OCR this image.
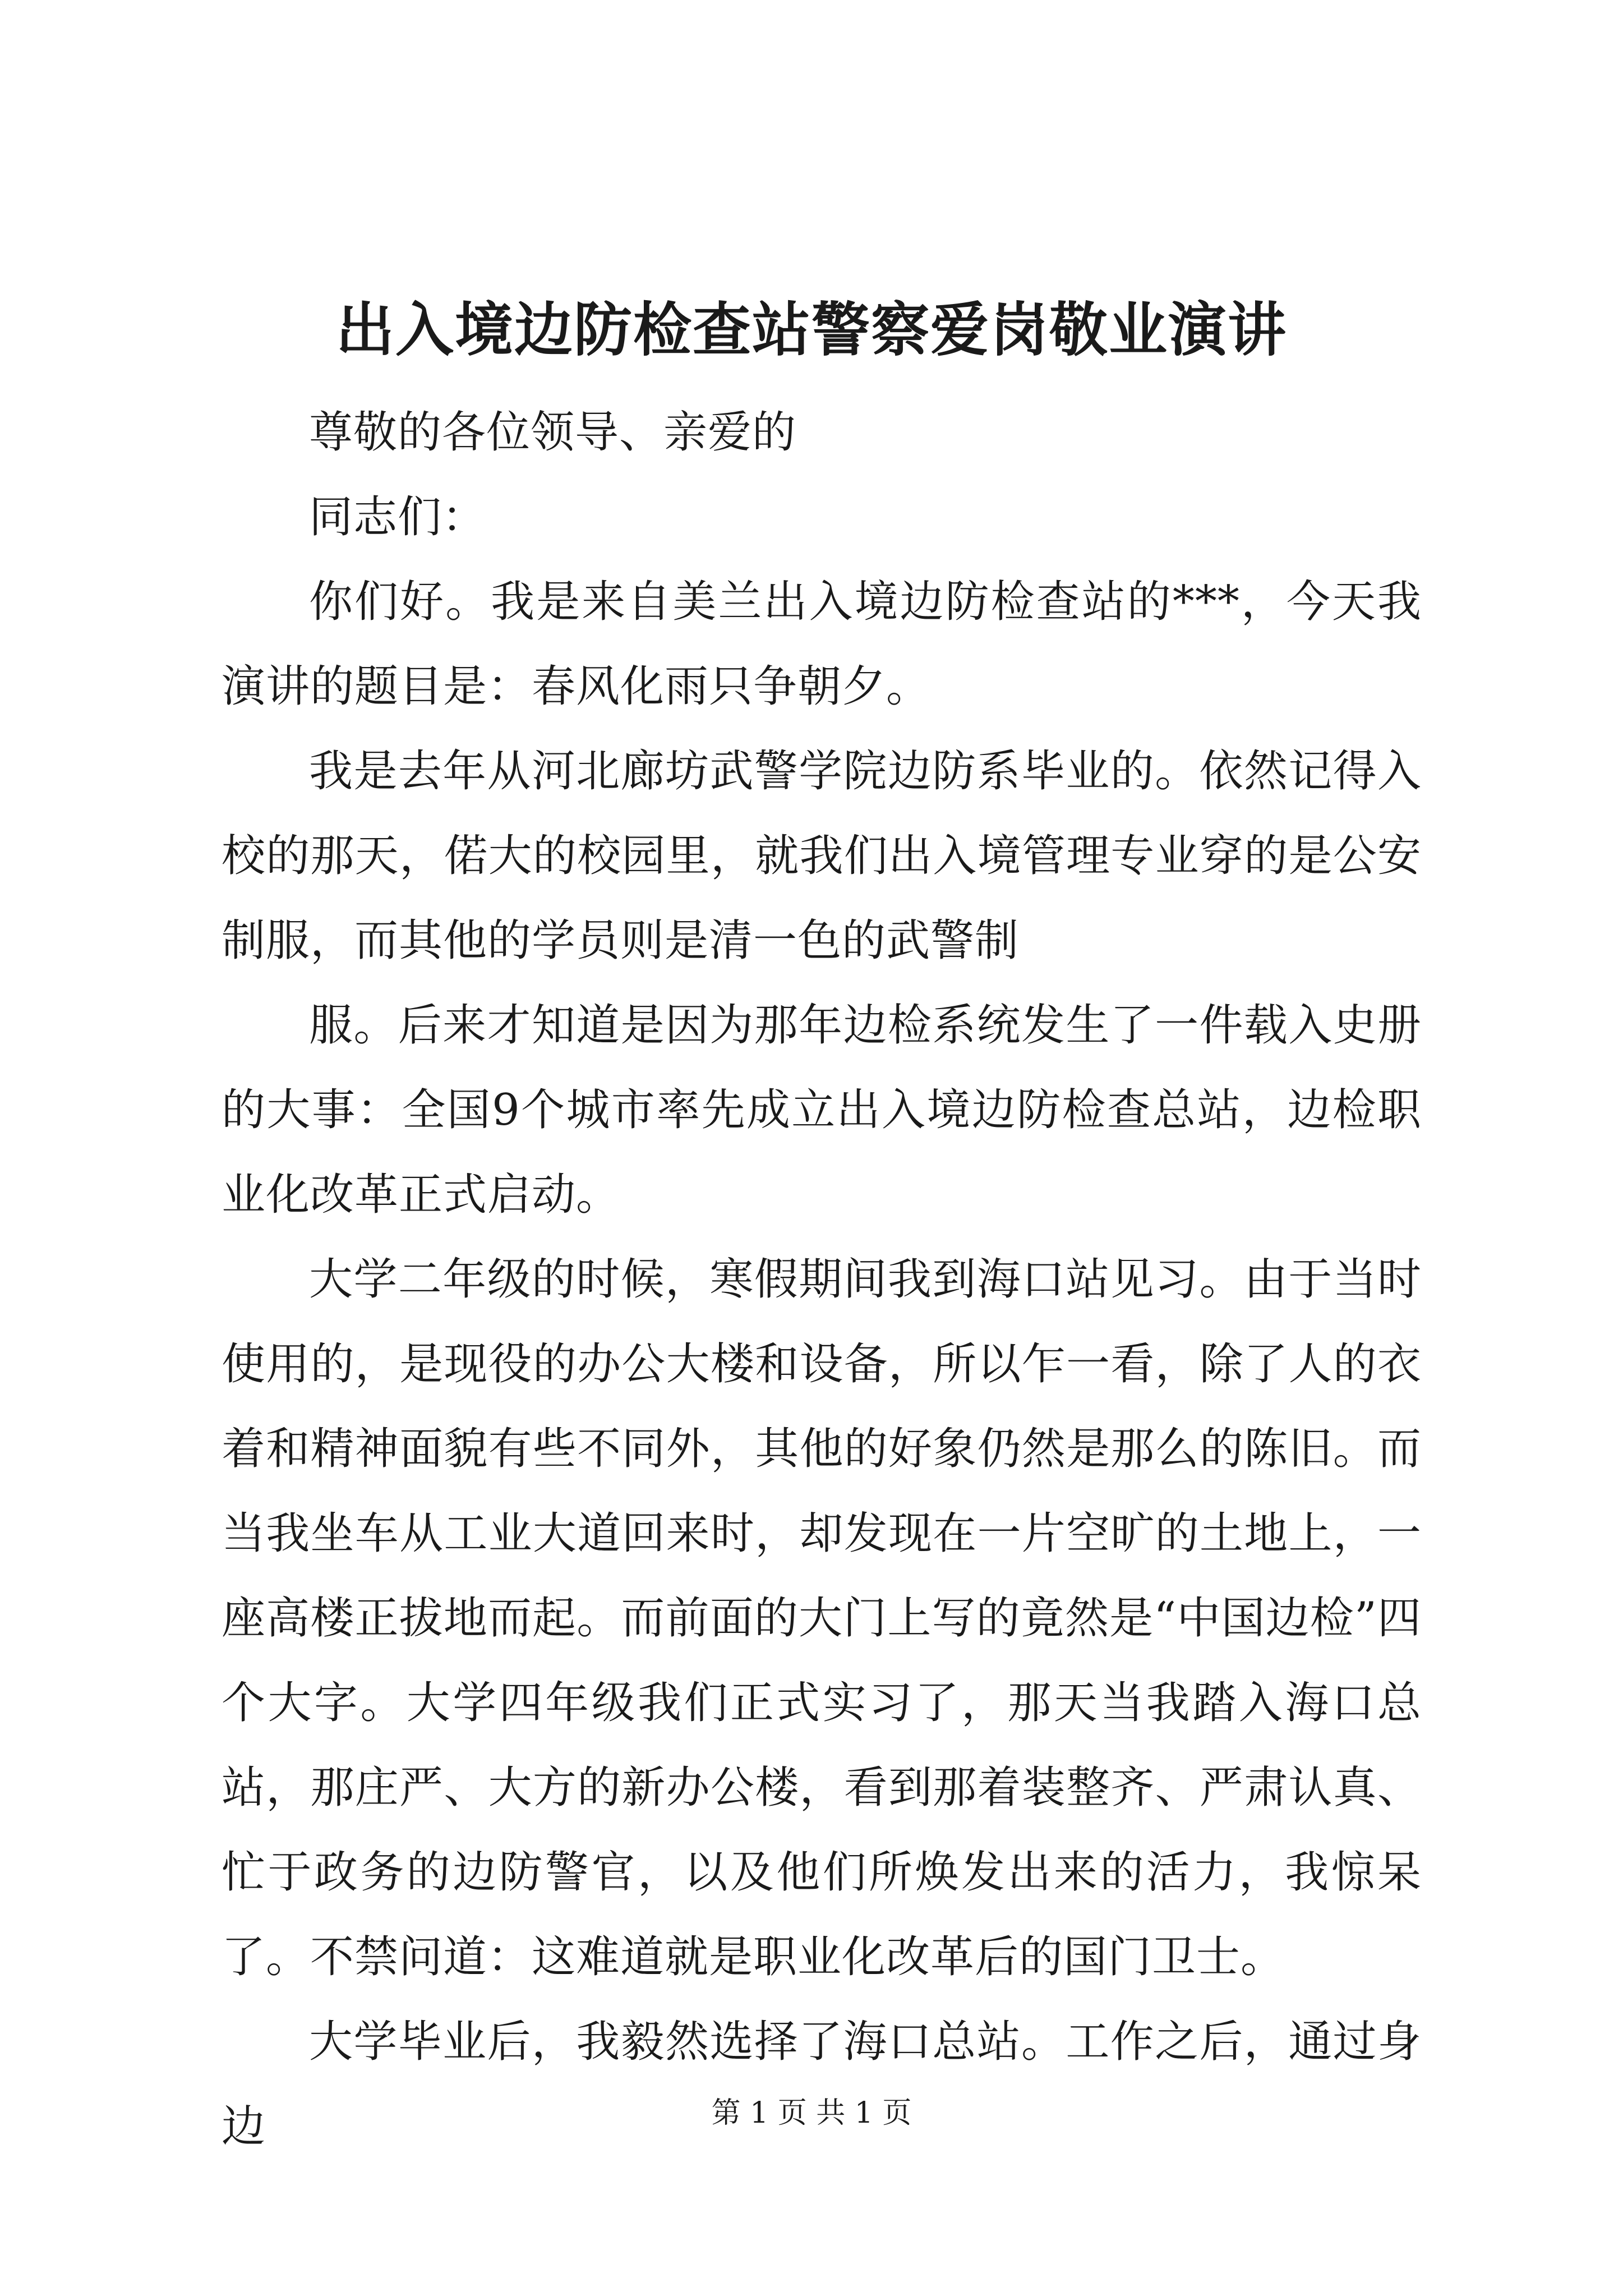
出入境边防检查站警察爱岗敬业演讲

尊敬的各位领导、亲爱的

同志们：

你们好。我是来自美兰出入境边防检查站的***，今天我演讲的题目是：春风化雨只争朝夕。

我是去年从河北廊坊武警学院边防系毕业的。依然记得入校的那天，偌大的校园里，就我们出入境管理专业穿的是公安制服，而其他的学员则是清一色的武警制

服。后来才知道是因为那年边检系统发生了一件载入史册的大事：全国9个城市率先成立出入境边防检查总站，边检职业化改革正式启动。

大学二年级的时候，寒假期间我到海口站见习。由于当时使用的，是现役的办公大楼和设备，所以乍一看，除了人的衣着和精神面貌有些不同外，其他的好象仍然是那么的陈旧。而当我坐车从工业大道回来时，却发现在一片空旷的土地上，一座高楼正拔地而起。而前面的大门上写的竟然是“中国边检”四个大字。大学四年级我们正式实习了，那天当我踏入海口总站，那庄严、大方的新办公楼，看到那着装整齐、严肃认真、忙于政务的边防警官，以及他们所焕发出来的活力，我惊呆了。不禁问道：这难道就是职业化改革后的国门卫士。

大学毕业后，我毅然选择了海口总站。工作之后，通过身边	第 1 页 共 1 页
